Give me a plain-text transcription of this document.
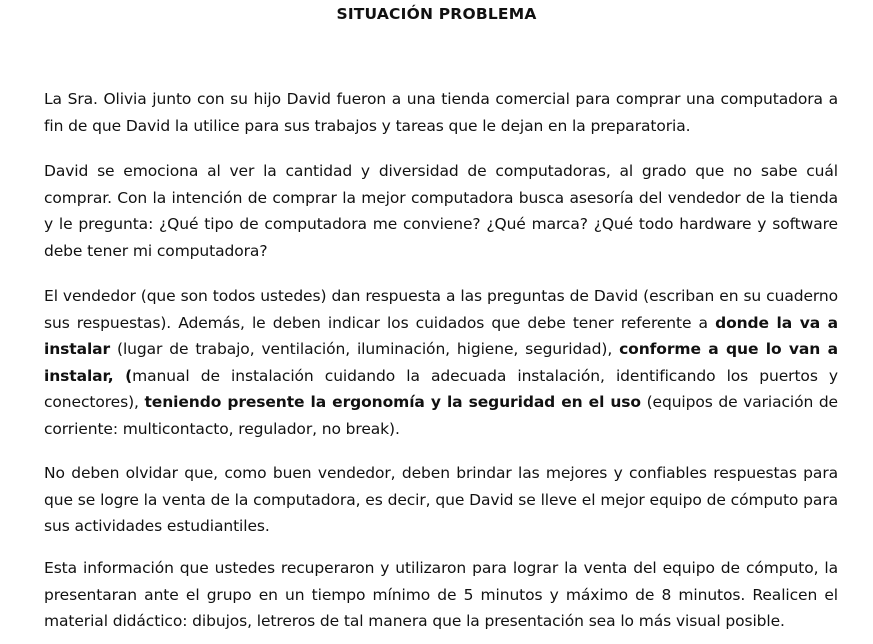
SITUACIÓN PROBLEMA

La Sra. Olivia junto con su hijo David fueron a una tienda comercial para comprar una computadora a fin de que David la utilice para sus trabajos y tareas que le dejan en la preparatoria.

David se emociona al ver la cantidad y diversidad de computadoras, al grado que no sabe cuál comprar. Con la intención de comprar la mejor computadora busca asesoría del vendedor de la tienda y le pregunta: ¿Qué tipo de computadora me conviene? ¿Qué marca? ¿Qué todo hardware y software debe tener mi computadora?

El vendedor (que son todos ustedes) dan respuesta a las preguntas de David (escriban en su cuaderno sus respuestas). Además, le deben indicar los cuidados que debe tener referente a donde la va a instalar (lugar de trabajo, ventilación, iluminación, higiene, seguridad), conforme a que lo van a instalar, (manual de instalación cuidando la adecuada instalación, identificando los puertos y conectores), teniendo presente la ergonomía y la seguridad en el uso (equipos de variación de corriente: multicontacto, regulador, no break).

No deben olvidar que, como buen vendedor, deben brindar las mejores y confiables respuestas para que se logre la venta de la computadora, es decir, que David se lleve el mejor equipo de cómputo para sus actividades estudiantiles.

Esta información que ustedes recuperaron y utilizaron para lograr la venta del equipo de cómputo, la presentaran ante el grupo en un tiempo mínimo de 5 minutos y máximo de 8 minutos. Realicen el material didáctico: dibujos, letreros de tal manera que la presentación sea lo más visual posible.
